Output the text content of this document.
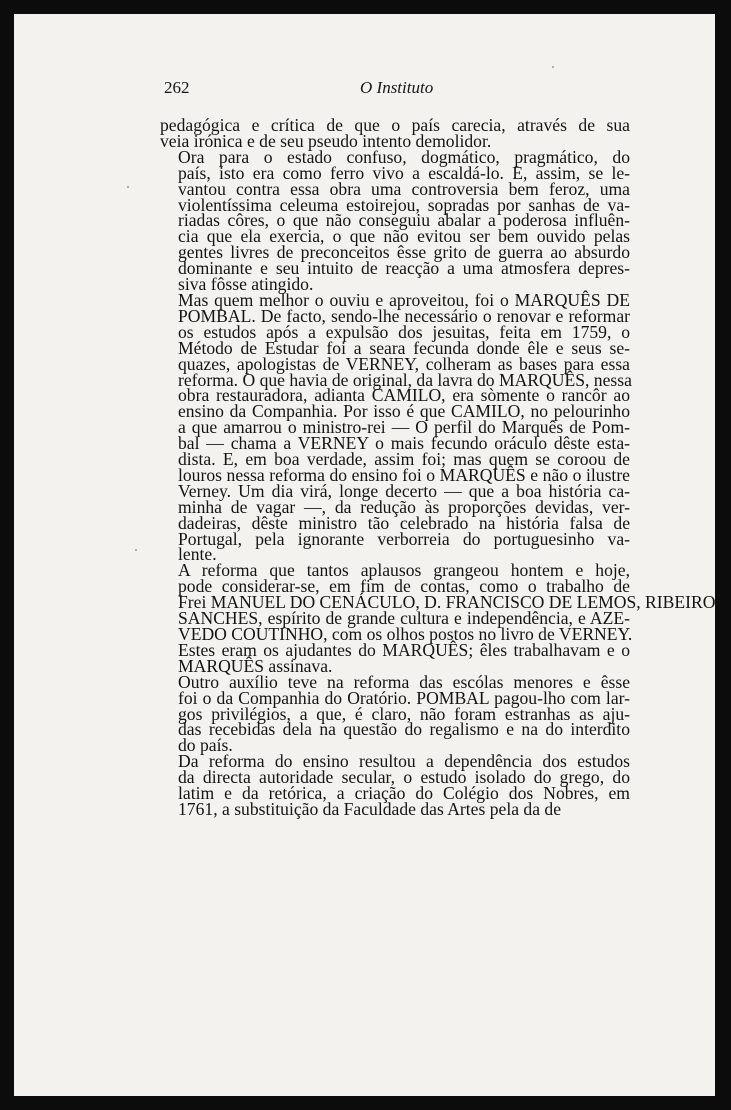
262	O Instituto
pedagógica e crítica de que o país carecia, através de sua
veia irónica e de seu pseudo intento demolidor.
Ora para o estado confuso, dogmático, pragmático, do
país, isto era como ferro vivo a escaldá-lo. E, assim, se le-
vantou contra essa obra uma controversia bem feroz, uma
violentíssima celeuma estoirejou, sopradas por sanhas de va-
riadas côres, o que não conseguiu abalar a poderosa influên-
cia que ela exercia, o que não evitou ser bem ouvido pelas
gentes livres de preconceitos êsse grito de guerra ao absurdo
dominante e seu intuito de reacção a uma atmosfera depres-
siva fôsse atingido.
Mas quem melhor o ouviu e aproveitou, foi o MARQUÊS DE
POMBAL. De facto, sendo-lhe necessário o renovar e reformar
os estudos após a expulsão dos jesuitas, feita em 1759, o
Método de Estudar foi a seara fecunda donde êle e seus se-
quazes, apologistas de VERNEY, colheram as bases para essa
reforma. O que havia de original, da lavra do MARQUÊS, nessa
obra restauradora, adianta CAMILO, era sòmente o rancôr ao
ensino da Companhia. Por isso é que CAMILO, no pelourinho
a que amarrou o ministro-rei — O perfil do Marquês de Pom-
bal — chama a VERNEY o mais fecundo oráculo dêste esta-
dista. E, em boa verdade, assim foi; mas quem se coroou de
louros nessa reforma do ensino foi o MARQUÊS e não o ilustre
Verney. Um dia virá, longe decerto — que a boa história ca-
minha de vagar —, da redução às proporções devidas, ver-
dadeiras, dêste ministro tão celebrado na história falsa de
Portugal, pela ignorante verborreia do portuguesinho va-
lente.
A reforma que tantos aplausos grangeou hontem e hoje,
pode considerar-se, em fim de contas, como o trabalho de
Frei MANUEL DO CENÁCULO, D. FRANCISCO DE LEMOS, RIBEIRO
SANCHES, espírito de grande cultura e independência, e AZE-
VEDO COUTINHO, com os olhos postos no livro de VERNEY.
Estes eram os ajudantes do MARQUÊS; êles trabalhavam e o
MARQUÊS assinava.
Outro auxílio teve na reforma das escólas menores e êsse
foi o da Companhia do Oratório. POMBAL pagou-lho com lar-
gos privilégios, a que, é claro, não foram estranhas as aju-
das recebidas dela na questão do regalismo e na do interdito
do país.
Da reforma do ensino resultou a dependência dos estudos
da directa autoridade secular, o estudo isolado do grego, do
latim e da retórica, a criação do Colégio dos Nobres, em
1761, a substituição da Faculdade das Artes pela da de
